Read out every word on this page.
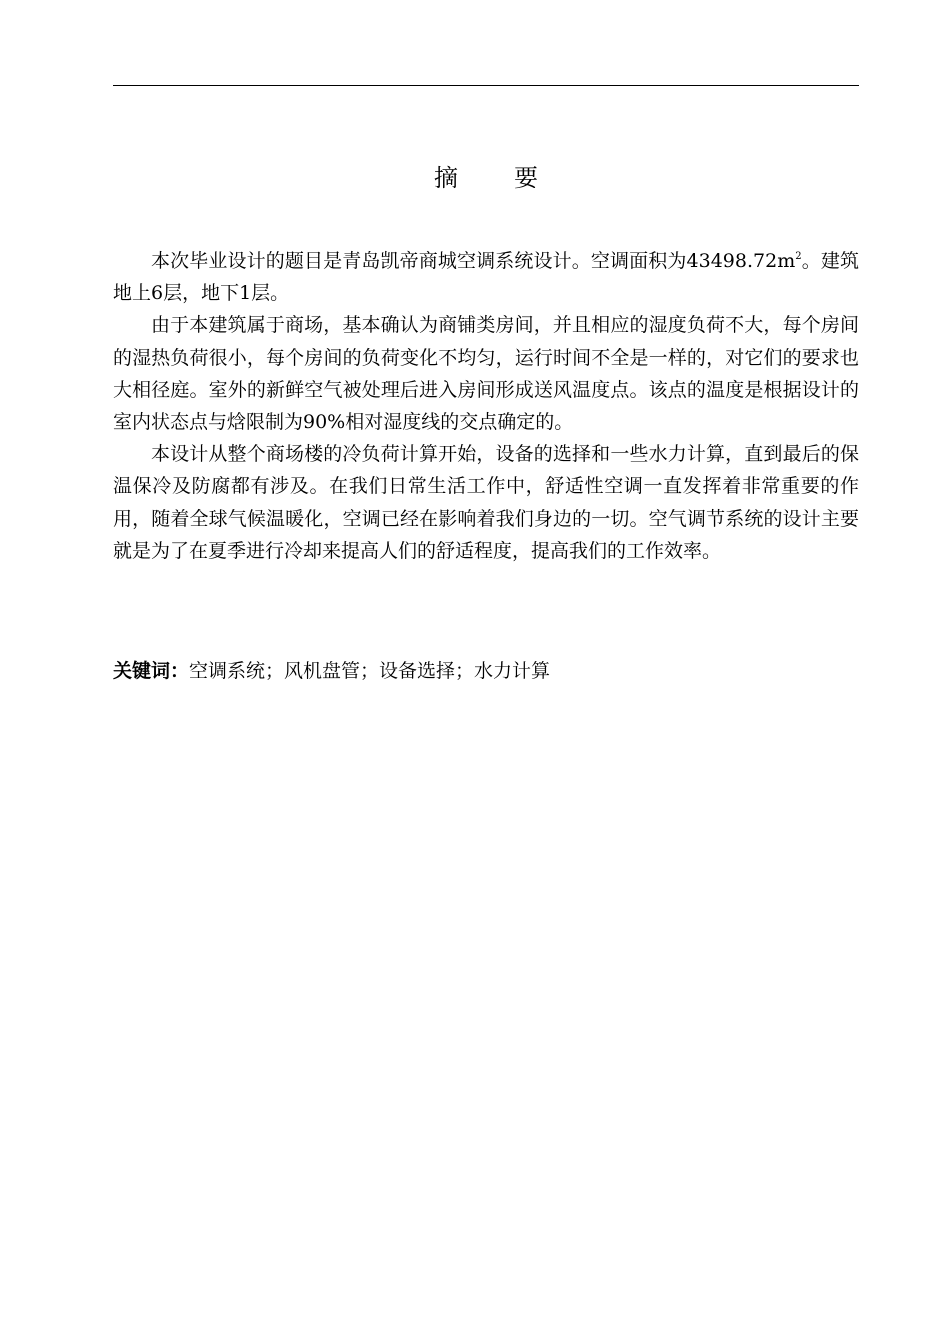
摘 要

本次毕业设计的题目是青岛凯帝商城空调系统设计。空调面积为$43498.72m^2$。建筑地上6层，地下1层。

由于本建筑属于商场，基本确认为商铺类房间，并且相应的湿度负荷不大，每个房间的湿热负荷很小，每个房间的负荷变化不均匀，运行时间不全是一样的，对它们的要求也大相径庭。室外的新鲜空气被处理后进入房间形成送风温度点。该点的温度是根据设计的室内状态点与焓限制为90%相对湿度线的交点确定的。

本设计从整个商场楼的冷负荷计算开始，设备的选择和一些水力计算，直到最后的保温保冷及防腐都有涉及。在我们日常生活工作中，舒适性空调一直发挥着非常重要的作用，随着全球气候温暖化，空调已经在影响着我们身边的一切。空气调节系统的设计主要就是为了在夏季进行冷却来提高人们的舒适程度，提高我们的工作效率。

关键词：空调系统；风机盘管；设备选择；水力计算
